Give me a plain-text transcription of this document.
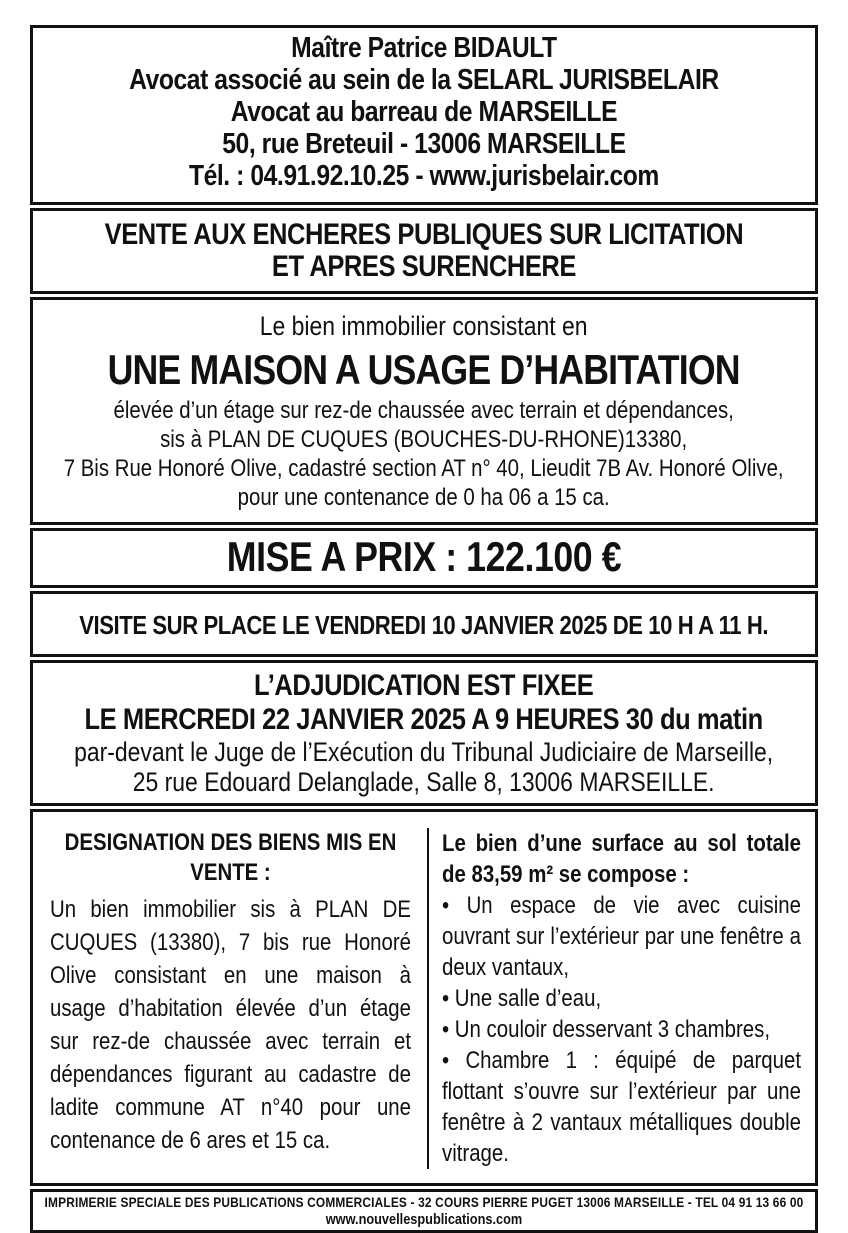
Maître Patrice BIDAULT
Avocat associé au sein de la SELARL JURISBELAIR
Avocat au barreau de MARSEILLE
50, rue Breteuil - 13006 MARSEILLE
Tél. : 04.91.92.10.25 - www.jurisbelair.com
VENTE AUX ENCHERES PUBLIQUES SUR LICITATION
ET APRES SURENCHERE
Le bien immobilier consistant en
UNE MAISON A USAGE D’HABITATION
élevée d’un étage sur rez-de chaussée avec terrain et dépendances,
sis à PLAN DE CUQUES (BOUCHES-DU-RHONE)13380,
7 Bis Rue Honoré Olive, cadastré section AT n° 40, Lieudit 7B Av. Honoré Olive,
pour une contenance de 0 ha 06 a 15 ca.
MISE A PRIX : 122.100 €
VISITE SUR PLACE LE VENDREDI 10 JANVIER 2025 DE 10 H A 11 H.
L’ADJUDICATION EST FIXEE
LE MERCREDI 22 JANVIER 2025 A 9 HEURES 30 du matin
par-devant le Juge de l’Exécution du Tribunal Judiciaire de Marseille,
25 rue Edouard Delanglade, Salle 8, 13006 MARSEILLE.

DESIGNATION DES BIENS MIS EN VENTE :

Un bien immobilier sis à PLAN DE CUQUES (13380), 7 bis rue Honoré Olive consistant en une maison à usage d’habitation élevée d’un étage sur rez-de chaussée avec terrain et dépendances figurant au cadastre de ladite commune AT n°40 pour une contenance de 6 ares et 15 ca.

Le bien d’une surface au sol totale de 83,59 m² se compose :

• Un espace de vie avec cuisine ouvrant sur l’extérieur par une fenêtre a deux vantaux,

• Une salle d’eau,

• Un couloir desservant 3 chambres,

• Chambre 1 : équipé de parquet flottant s’ouvre sur l’extérieur par une fenêtre à 2 vantaux métalliques double vitrage.

IMPRIMERIE SPECIALE DES PUBLICATIONS COMMERCIALES - 32 COURS PIERRE PUGET 13006 MARSEILLE - TEL 04 91 13 66 00
www.nouvellespublications.com
